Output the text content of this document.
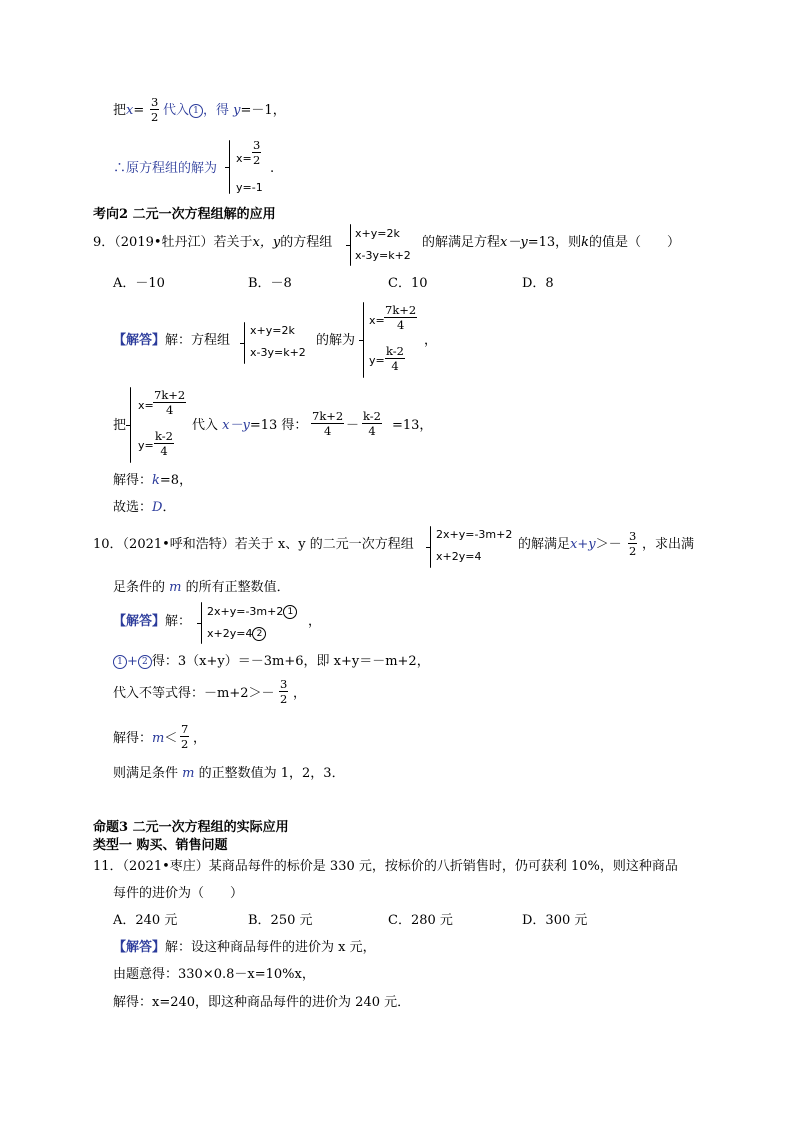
把$x= \frac{3}{2}$ 代入 1 ，得 y=－1，
∴原方程组的解为
$x= \frac{3}{2}$
y=-1
.
考向2 二元一次方程组解的应用
9．（2019•牡丹江）若关于x，y的方程组
x+y=2k
x-3y=k+2
的解满足方程x－y=13，则k的值是（　　）
A．－10	B．－8	C．10	D．8
【解答】解：方程组
x+y=2k
x-3y=k+2
的解为
$x= \frac{7k+2}{4}$
$y= \frac{k-2}{4}$
，
把
$x= \frac{7k+2}{4}$
$y= \frac{k-2}{4}$
代入 x－y=13 得： $\frac{7k+2}{4} - \frac{k-2}{4} =13$，
解得：k=8，
故选：D．
10．（2021•呼和浩特）若关于 x、y 的二元一次方程组
2x+y=-3m+2
x+2y=4
的解满足$x+y>- \frac{3}{2}$ ，求出满
足条件的 m 的所有正整数值．
【解答】解：
2x+y=-3m+2 1
x+2y=4 2
，
1 + 2 得：3（x+y）＝－3m+6，即 x+y＝－m+2，
代入不等式得：$-m+2>- \frac{3}{2}$ ，
解得：$m< \frac{7}{2}$ ，
则满足条件 m 的正整数值为 1，2，3．
命题3 二元一次方程组的实际应用
类型一 购买、销售问题
11．（2021•枣庄）某商品每件的标价是 330 元，按标价的八折销售时，仍可获利 10%，则这种商品
每件的进价为（　　）
A．240 元	B．250 元	C．280 元	D．300 元
【解答】解：设这种商品每件的进价为 x 元，
由题意得：330×0.8－x=10%x，
解得：x=240，即这种商品每件的进价为 240 元．
